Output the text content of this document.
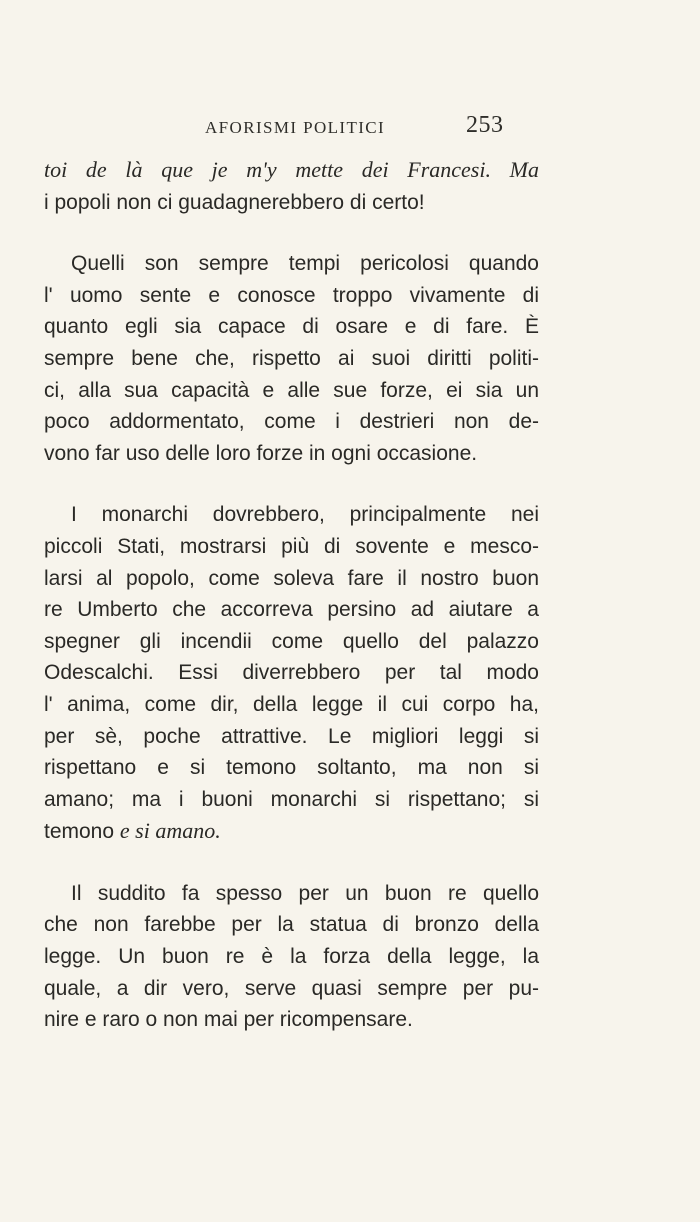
AFORISMI POLITICI	253
toi de là que je m'y mette dei Francesi. Ma
i popoli non ci guadagnerebbero di certo!
Quelli son sempre tempi pericolosi quando
l' uomo sente e conosce troppo vivamente di
quanto egli sia capace di osare e di fare. È
sempre bene che, rispetto ai suoi diritti politi-
ci, alla sua capacità e alle sue forze, ei sia un
poco addormentato, come i destrieri non de-
vono far uso delle loro forze in ogni occasione.
I monarchi dovrebbero, principalmente nei
piccoli Stati, mostrarsi più di sovente e mesco-
larsi al popolo, come soleva fare il nostro buon
re Umberto che accorreva persino ad aiutare a
spegner gli incendii come quello del palazzo
Odescalchi. Essi diverrebbero per tal modo
l' anima, come dir, della legge il cui corpo ha,
per sè, poche attrattive. Le migliori leggi si
rispettano e si temono soltanto, ma non si
amano; ma i buoni monarchi si rispettano; si
temono e si amano.
Il suddito fa spesso per un buon re quello
che non farebbe per la statua di bronzo della
legge. Un buon re è la forza della legge, la
quale, a dir vero, serve quasi sempre per pu-
nire e raro o non mai per ricompensare.
